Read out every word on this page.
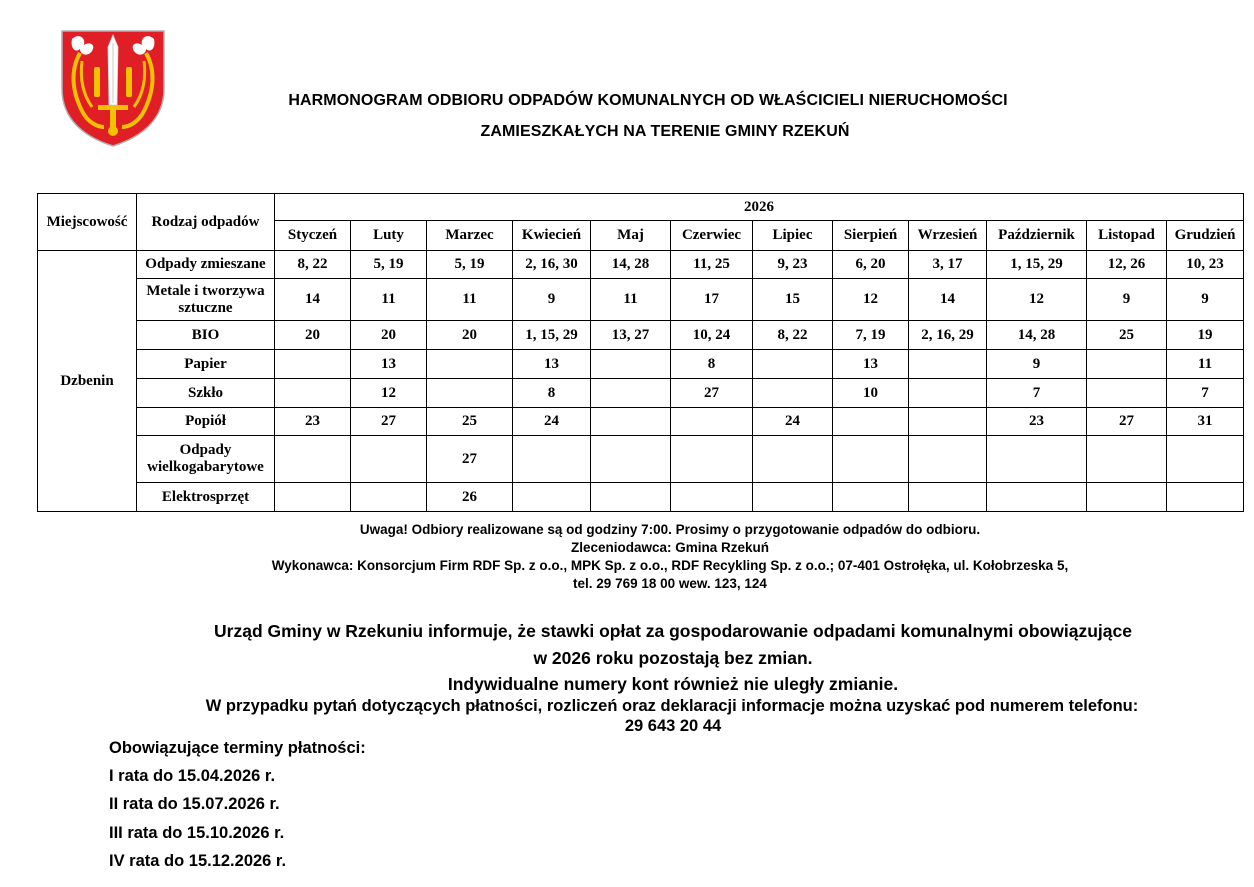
HARMONOGRAM ODBIORU ODPADÓW KOMUNALNYCH OD WŁAŚCICIELI NIERUCHOMOŚCI
ZAMIESZKAŁYCH NA TERENIE GMINY RZEKUŃ
Miejscowość	Rodzaj odpadów	2026											
		Styczeń	Luty	Marzec	Kwiecień	Maj	Czerwiec	Lipiec	Sierpień	Wrzesień	Październik	Listopad	Grudzień
Dzbenin	Odpady zmieszane	8, 22	5, 19	5, 19	2, 16, 30	14, 28	11, 25	9, 23	6, 20	3, 17	1, 15, 29	12, 26	10, 23
	Metale i tworzywa sztuczne	14	11	11	9	11	17	15	12	14	12	9	9
	BIO	20	20	20	1, 15, 29	13, 27	10, 24	8, 22	7, 19	2, 16, 29	14, 28	25	19
	Papier		13		13		8		13		9		11
	Szkło		12		8		27		10		7		7
	Popiół	23	27	25	24			24			23	27	31
	Odpady wielkogabarytowe			27									
	Elektrosprzęt			26									
Uwaga! Odbiory realizowane są od godziny 7:00. Prosimy o przygotowanie odpadów do odbioru.
Zleceniodawca: Gmina Rzekuń
Wykonawca: Konsorcjum Firm RDF Sp. z o.o., MPK Sp. z o.o., RDF Recykling Sp. z o.o.; 07-401 Ostrołęka, ul. Kołobrzeska 5,
tel. 29 769 18 00 wew. 123, 124
Urząd Gminy w Rzekuniu informuje, że stawki opłat za gospodarowanie odpadami komunalnymi obowiązujące
w 2026 roku pozostają bez zmian.
Indywidualne numery kont również nie uległy zmianie.
W przypadku pytań dotyczących płatności, rozliczeń oraz deklaracji informacje można uzyskać pod numerem telefonu:
29 643 20 44
Obowiązujące terminy płatności:
I rata do 15.04.2026 r.
II rata do 15.07.2026 r.
III rata do 15.10.2026 r.
IV rata do 15.12.2026 r.
